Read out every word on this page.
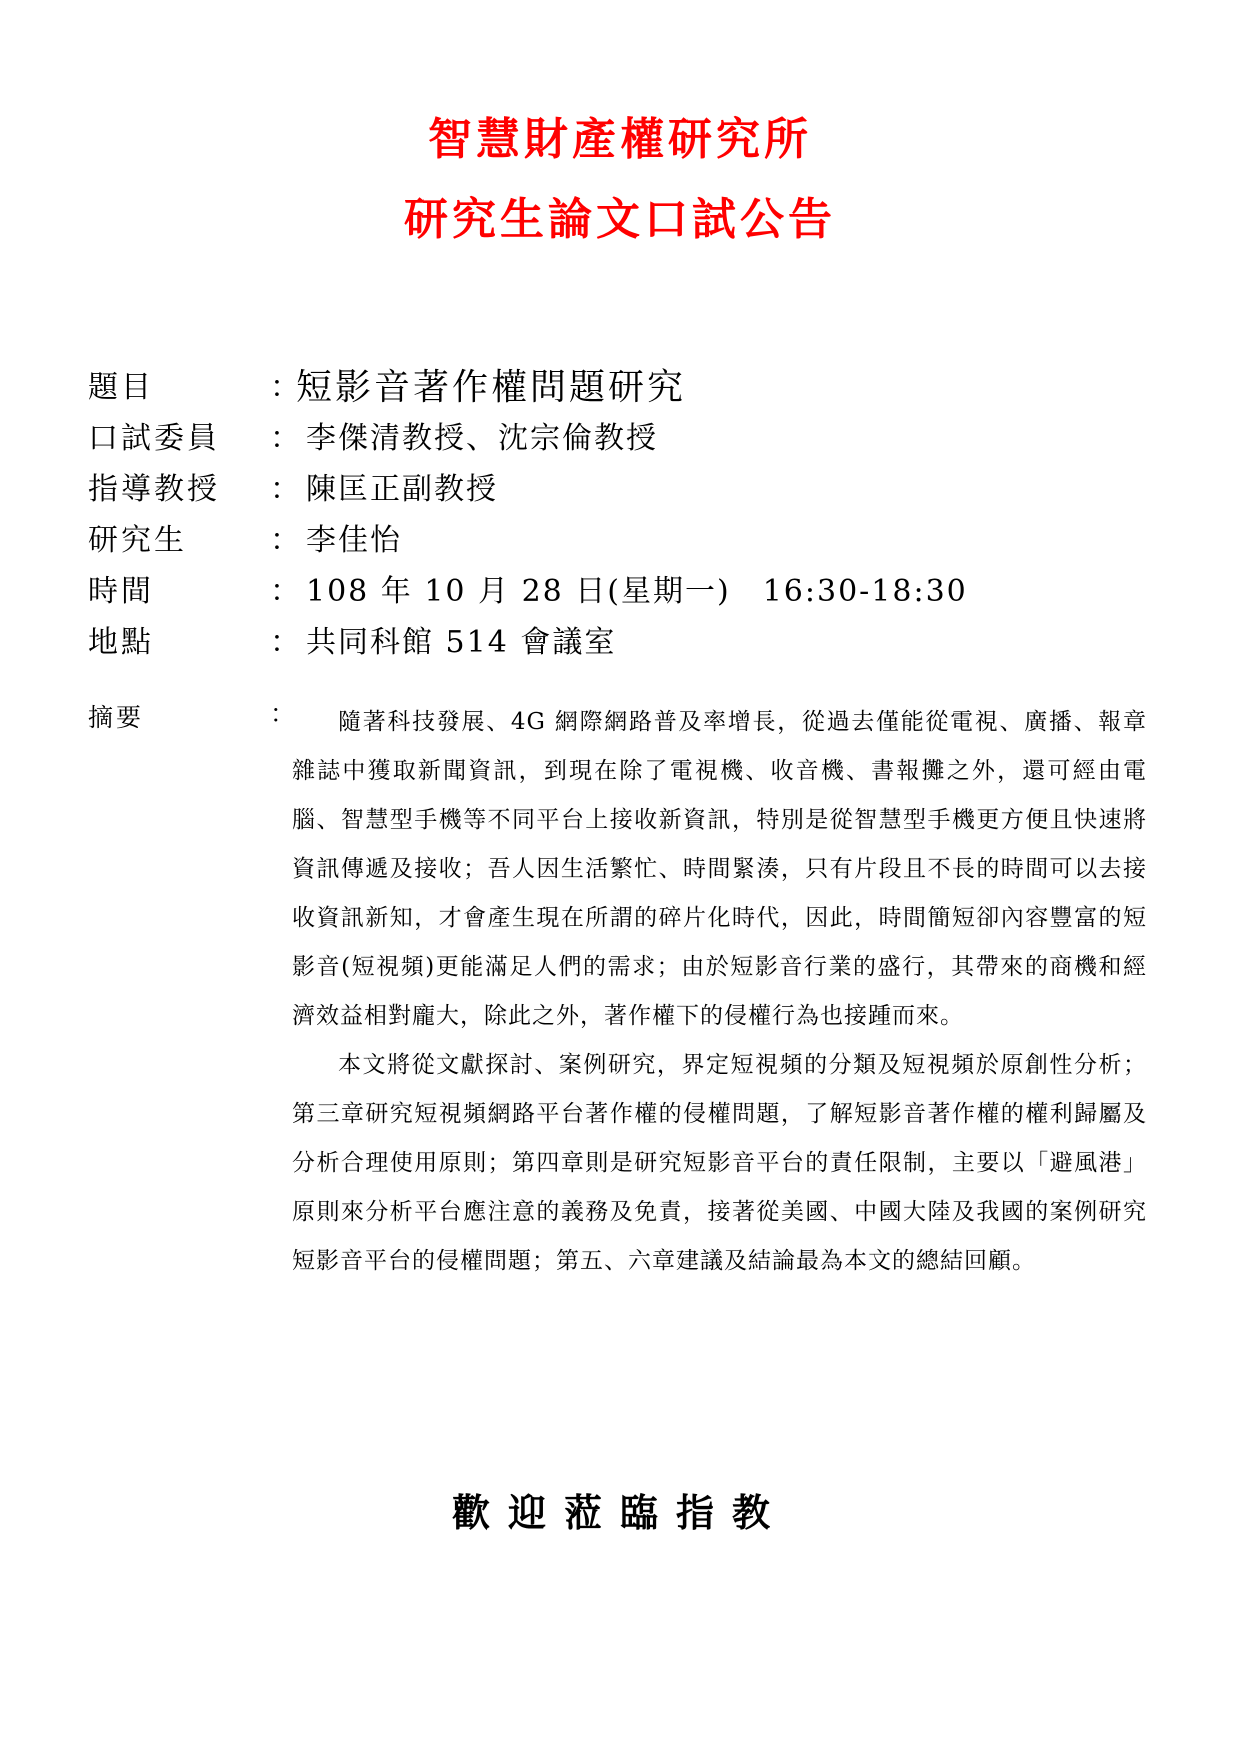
智慧財產權研究所
研究生論文口試公告
題目	：
短影音著作權問題研究
口試委員 ： 李傑清教授、沈宗倫教授
指導教授 ： 陳匡正副教授
研究生	： 李佳怡
時間	： 108 年 10 月 28 日(星期一)　16:30-18:30
地點	： 共同科館 514 會議室
摘要	：	隨著科技發展、4G 網際網路普及率增長，從過去僅能從電視、廣播、報章雜誌中獲取新聞資訊，到現在除了電視機、收音機、書報攤之外，還可經由電腦、智慧型手機等不同平台上接收新資訊，特別是從智慧型手機更方便且快速將資訊傳遞及接收；吾人因生活繁忙、時間緊湊，只有片段且不長的時間可以去接收資訊新知，才會產生現在所謂的碎片化時代，因此，時間簡短卻內容豐富的短影音(短視頻)更能滿足人們的需求；由於短影音行業的盛行，其帶來的商機和經濟效益相對龐大，除此之外，著作權下的侵權行為也接踵而來。

本文將從文獻探討、案例研究，界定短視頻的分類及短視頻於原創性分析；第三章研究短視頻網路平台著作權的侵權問題，了解短影音著作權的權利歸屬及分析合理使用原則；第四章則是研究短影音平台的責任限制，主要以「避風港」原則來分析平台應注意的義務及免責，接著從美國、中國大陸及我國的案例研究短影音平台的侵權問題；第五、六章建議及結論最為本文的總結回顧。

歡迎蒞臨指教
